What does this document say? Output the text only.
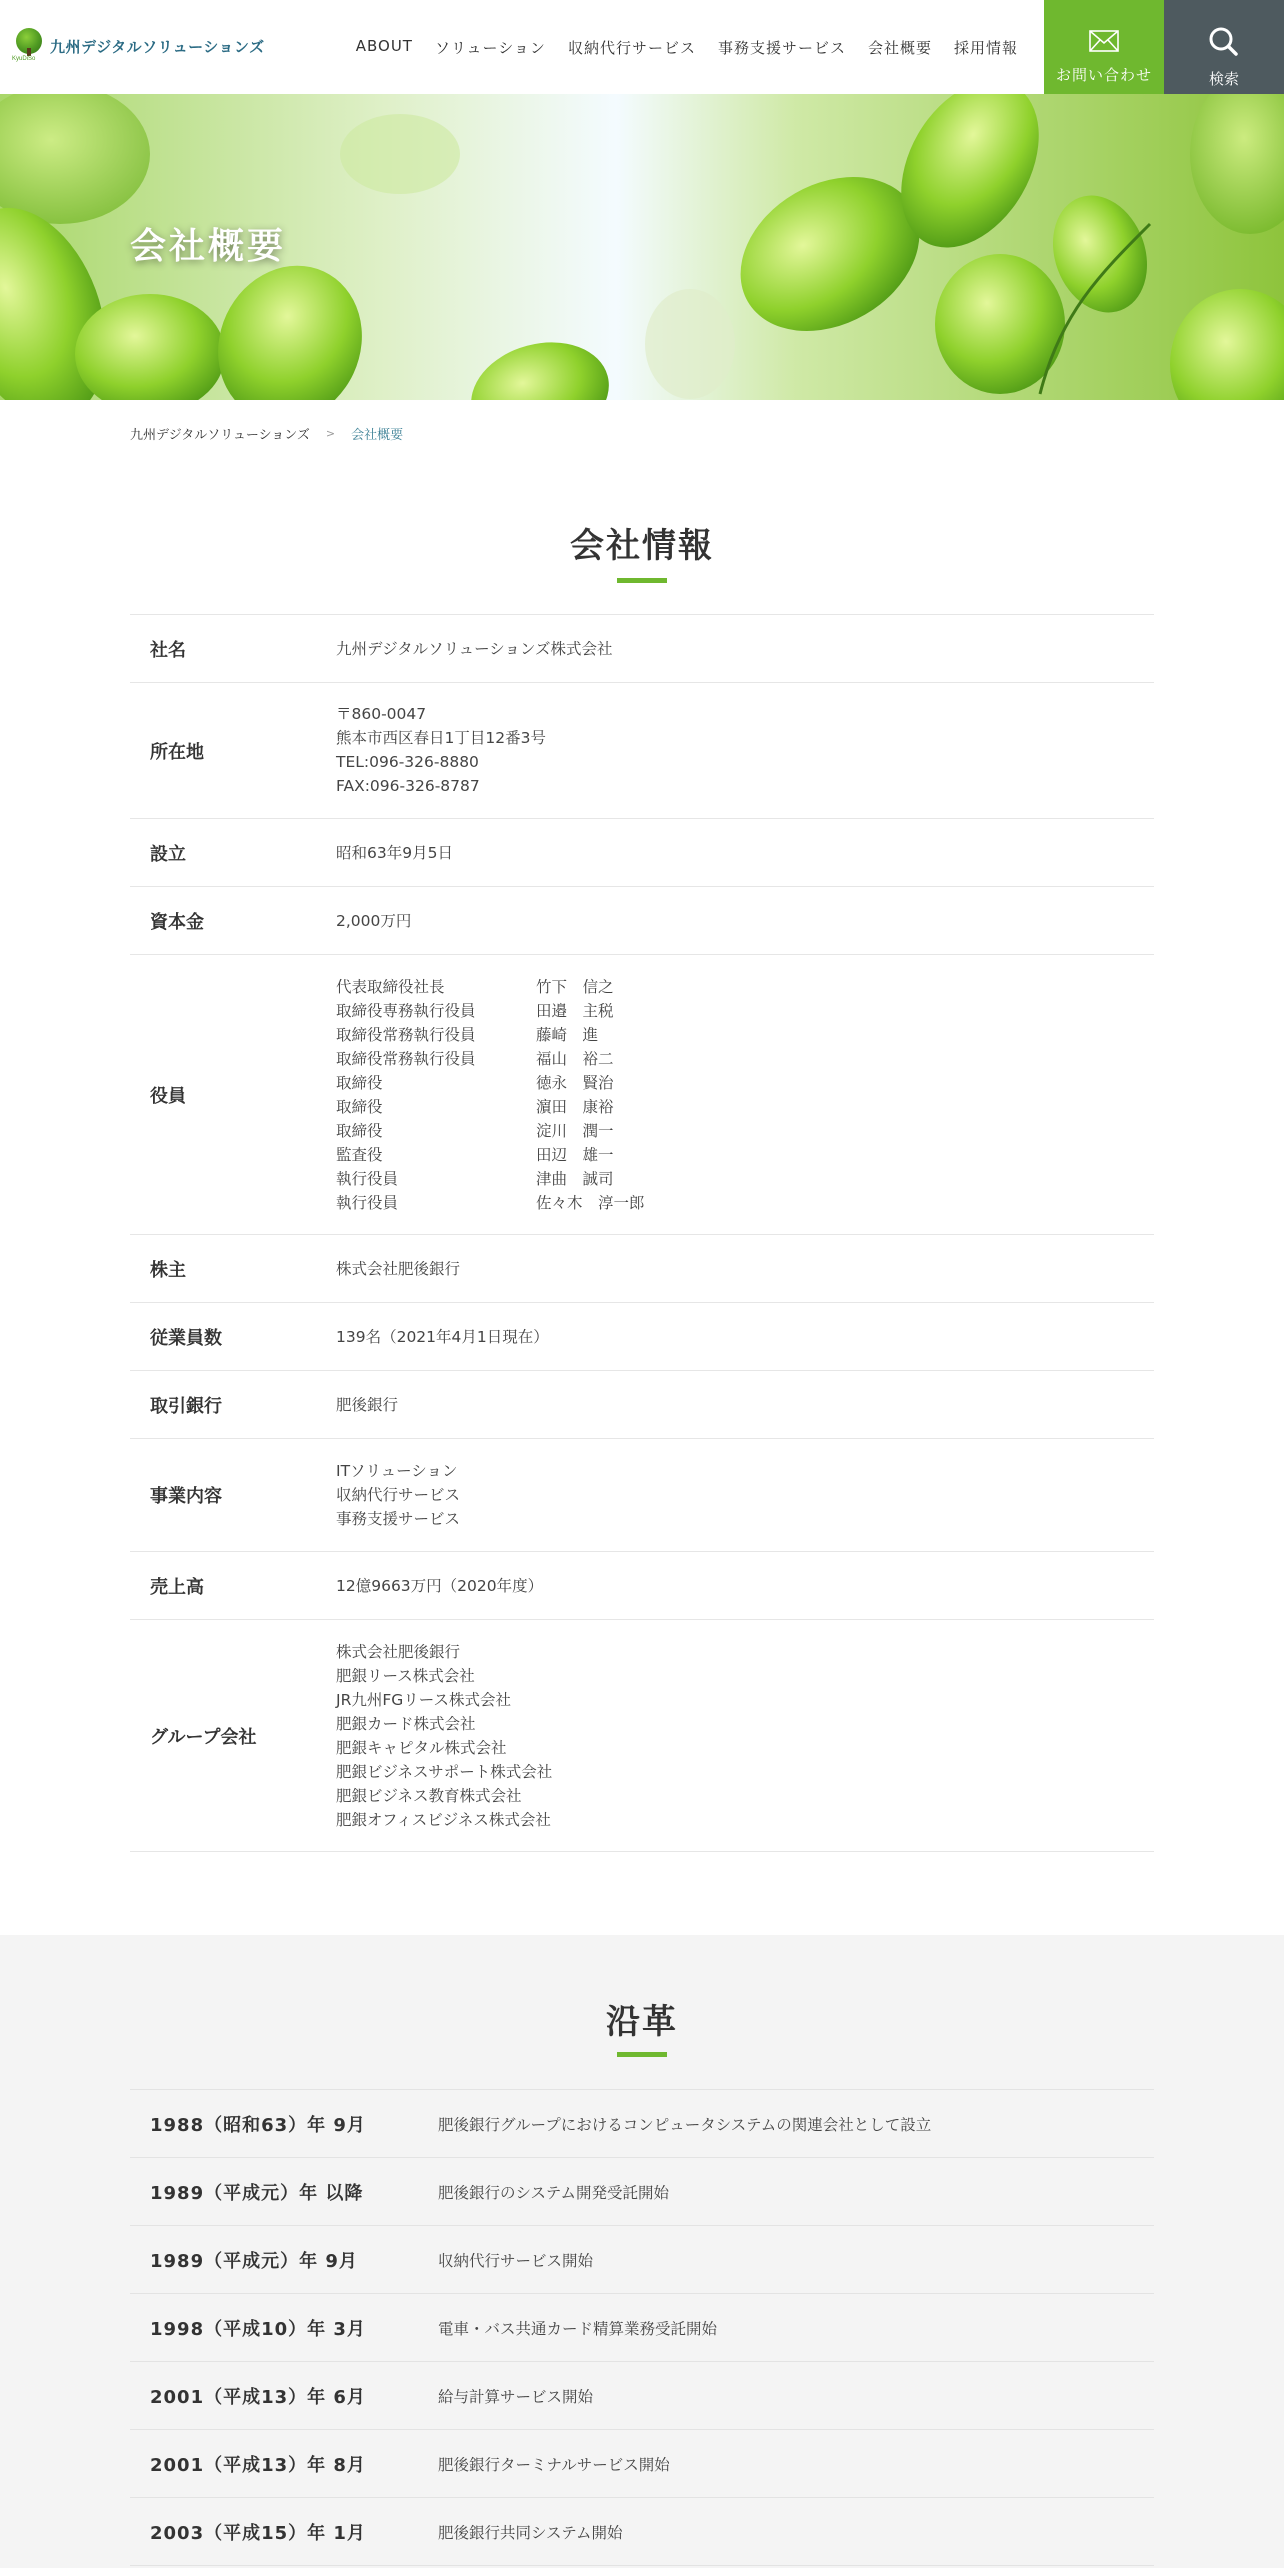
KyuDiSo
九州デジタルソリューションズ	ABOUT ソリューション 収納代行サービス 事務支援サービス 会社概要 採用情報
お問い合わせ	検索
会社概要
九州デジタルソリューションズ > 会社概要
会社情報
社名	九州デジタルソリューションズ株式会社
所在地
〒860-0047
熊本市西区春日1丁目12番3号
TEL:096-326-8880
FAX:096-326-8787
設立	昭和63年9月5日
資本金	2,000万円
役員
代表取締役社長	竹下　信之
取締役専務執行役員	田邉　主税
取締役常務執行役員	藤崎　進
取締役常務執行役員	福山　裕二
取締役	徳永　賢治
取締役	濵田　康裕
取締役	淀川　潤一
監査役	田辺　雄一
執行役員	津曲　誠司
執行役員	佐々木　淳一郎
株主	株式会社肥後銀行
従業員数	139名（2021年4月1日現在）
取引銀行	肥後銀行
事業内容
ITソリューション
収納代行サービス
事務支援サービス
売上高	12億9663万円（2020年度）
グループ会社
株式会社肥後銀行
肥銀リース株式会社
JR九州FGリース株式会社
肥銀カード株式会社
肥銀キャピタル株式会社
肥銀ビジネスサポート株式会社
肥銀ビジネス教育株式会社
肥銀オフィスビジネス株式会社
沿革
1988（昭和63）年 9月	肥後銀行グループにおけるコンピュータシステムの関連会社として設立
1989（平成元）年 以降	肥後銀行のシステム開発受託開始
1989（平成元）年 9月	収納代行サービス開始
1998（平成10）年 3月	電車・バス共通カード精算業務受託開始
2001（平成13）年 6月	給与計算サービス開始
2001（平成13）年 8月	肥後銀行ターミナルサービス開始
2003（平成15）年 1月	肥後銀行共同システム開始
